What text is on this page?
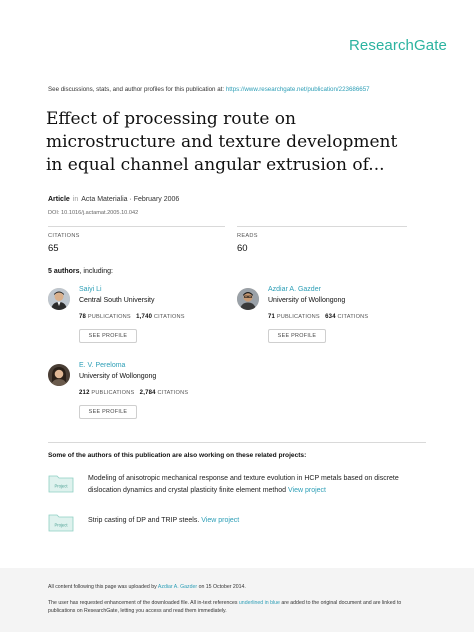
ResearchGate
See discussions, stats, and author profiles for this publication at: https://www.researchgate.net/publication/223686657
Effect of processing route on microstructure and texture development in equal channel angular extrusion of...
Article in Acta Materialia · February 2006
DOI: 10.1016/j.actamat.2005.10.042
CITATIONS
65
READS
60
5 authors, including:
Saiyi Li
Central South University
78 PUBLICATIONS 1,740 CITATIONS
SEE PROFILE
Azdiar A. Gazder
University of Wollongong
71 PUBLICATIONS 634 CITATIONS
SEE PROFILE
E. V. Pereloma
University of Wollongong
212 PUBLICATIONS 2,784 CITATIONS
SEE PROFILE
Some of the authors of this publication are also working on these related projects:
Project
Modeling of anisotropic mechanical response and texture evolution in HCP metals based on discrete dislocation dynamics and crystal plasticity finite element method View project
Project
Strip casting of DP and TRIP steels. View project
All content following this page was uploaded by Azdiar A. Gazder on 15 October 2014.
The user has requested enhancement of the downloaded file. All in-text references underlined in blue are added to the original document and are linked to publications on ResearchGate, letting you access and read them immediately.
